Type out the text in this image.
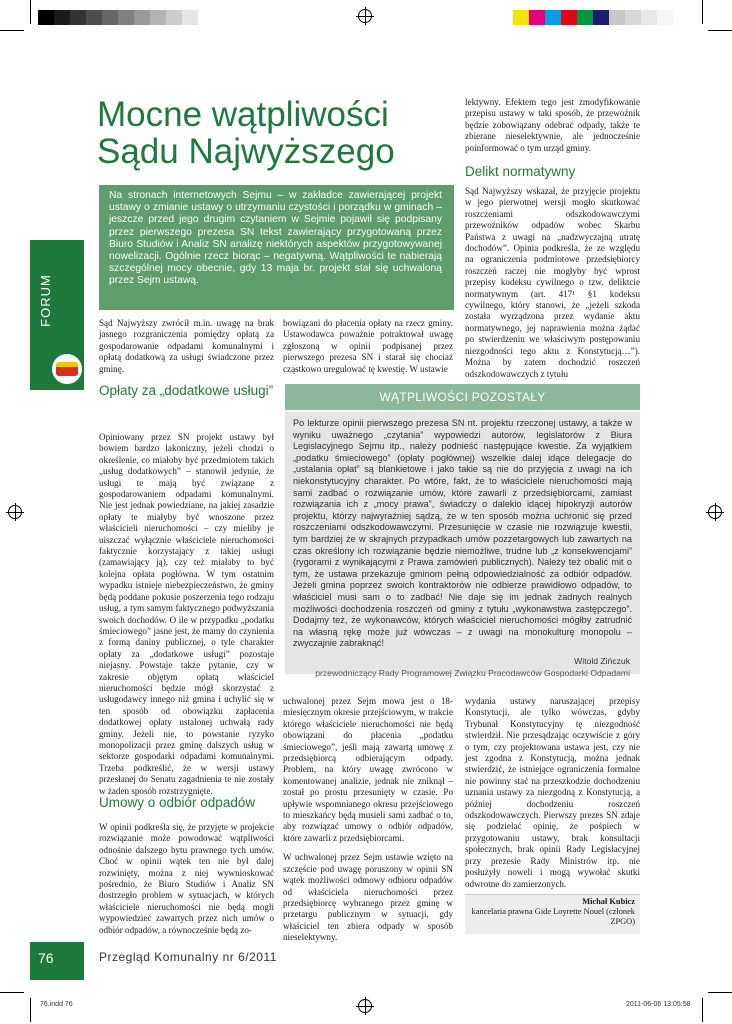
FORUM
Mocne wątpliwości Sądu Najwyższego
Na stronach internetowych Sejmu – w zakładce zawierającej projekt ustawy o zmianie ustawy o utrzymaniu czystości i porządku w gminach – jeszcze przed jego drugim czytaniem w Sejmie pojawił się podpisany przez pierwszego prezesa SN tekst zawierający przygotowaną przez Biuro Studiów i Analiz SN analizę niektórych aspektów przygotowywanej nowelizacji. Ogólnie rzecz biorąc – negatywną. Wątpliwości te nabierają szczególnej mocy obecnie, gdy 13 maja br. projekt stał się uchwaloną przez Sejm ustawą.

Sąd Najwyższy zwrócił m.in. uwagę na brak jasnego rozgraniczenia pomiędzy opłatą za gospodarowanie odpadami komunalnymi i opłatą dodatkową za usługi świadczone przez gminę.

Opłaty za „dodatkowe usługi”

Opiniowany przez SN projekt ustawy był bowiem bardzo lakoniczny, jeżeli chodzi o określenie, co miałoby być przedmiotem takich „usług dodatkowych” – stanowił jedynie, że usługi te mają być związane z gospodarowaniem odpadami komunalnymi. Nie jest jednak powiedziane, na jakiej zasadzie opłaty te miałyby być wnoszone przez właścicieli nieruchomości – czy mieliby je uiszczać wyłącznie właściciele nieruchomości faktycznie korzystający z takiej usługi (zamawiający ją), czy też miałaby to być kolejna opłata pogłówna. W tym ostatnim wypadku istnieje niebezpieczeństwo, że gminy będą poddane pokusie poszerzenia tego rodzaju usług, a tym samym faktycznego podwyższania swoich dochodów. O ile w przypadku „podatku śmieciowego” jasne jest, że mamy do czynienia z formą daniny publicznej, o tyle charakter opłaty za „dodatkowe usługi” pozostaje niejasny. Powstaje także pytanie, czy w zakresie objętym opłatą właściciel nieruchomości będzie mógł skorzystać z usługodawcy innego niż gmina i uchylić się w ten sposób od obowiązku zapłacenia dodatkowej opłaty ustalonej uchwałą rady gminy. Jeżeli nie, to powstanie ryzyko monopolizacji przez gminę dalszych usług w sektorze gospodarki odpadami komunalnymi. Trzeba podkreślić, że w wersji ustawy przesłanej do Senatu zagadnienia te nie zostały w żaden sposób rozstrzygnięte.

Umowy o odbiór odpadów

W opinii podkreśla się, że przyjęte w projekcie rozwiązanie może powodować wątpliwości odnośnie dalszego bytu prawnego tych umów. Choć w opinii wątek ten nie był dalej rozwinięty, można z niej wywnioskować pośrednio, że Biuro Studiów i Analiz SN dostrzegło problem w sytuacjach, w których właściciele nieruchomości nie będą mogli wypowiedzieć zawartych przez nich umów o odbiór odpadów, a równocześnie będą zo-

bowiązani do płacenia opłaty na rzecz gminy. Ustawodawca poważnie potraktował uwagę zgłoszoną w opinii podpisanej przez pierwszego prezesa SN i starał się chociaż cząstkowo uregulować tę kwestię. W ustawie

lektywny. Efektem tego jest zmodyfikowanie przepisu ustawy w taki sposób, że przewoźnik będzie zobowiązany odebrać odpady, także te zbierane nieselektywnie, ale jednocześnie poinformować o tym urząd gminy.

Delikt normatywny

Sąd Najwyższy wskazał, że przyjęcie projektu w jego pierwotnej wersji mogło skutkować roszczeniami odszkodowawczymi przewoźników odpadów wobec Skarbu Państwa z uwagi na „nadzwyczajną utratę dochodów”. Opinia podkreśla, że ze względu na ograniczenia podmiotowe przedsiębiorcy roszczeń raczej nie mogłyby być wprost przepisy kodeksu cywilnego o tzw. deliktcie normatywnym (art. 417¹ §1 kodeksu cywilnego, który stanowi, że „jeżeli szkoda została wyrządzona przez wydanie aktu normatywnego, jej naprawienia można żądać po stwierdzeniu we właściwym postępowaniu niezgodności tego aktu z Konstytucją…”). Można by zatem dochodzić roszczeń odszkodowawczych z tytułu

WĄTPLIWOŚCI POZOSTAŁY

Po lekturze opinii pierwszego prezesa SN nt. projektu rzeczonej ustawy, a także w wyniku uważnego „czytania” wypowiedzi autorów, legislatorów z Biura Legislacyjnego Sejmu itp., należy podnieść następujące kwestie. Za wyjątkiem „podatku śmieciowego” (opłaty pogłównej) wszelkie dalej idące delegacje do „ustalania opłat” są blankietowe i jako takie są nie do przyjęcia z uwagi na ich niekonstytucyjny charakter. Po wtóre, fakt, że to właściciele nieruchomości mają sami zadbać o rozwiązanie umów, które zawarli z przedsiębiorcami, zamiast rozwiązania ich z „mocy prawa”, świadczy o dalekio idącej hipokryzji autorów projektu, którzy najwyraźniej sądzą, że w ten sposób można uchronić się przed roszczeniami odszkodowawczymi. Przesunięcie w czasie nie rozwiązuje kwestii, tym bardziej że w skrajnych przypadkach umów pozzetargowych lub zawartych na czas określony ich rozwiązanie będzie niemożliwe, trudne lub „z konsekwencjami” (rygorami z wynikającymi z Prawa zamówień publicznych). Należy też obalić mit o tym, że ustawa przekazuje gminom pełną odpowiedzialność za odbiór odpadów. Jeżeli gmina poprzez swoich kontraktorów nie odbierze prawidłowo odpadów, to właściciel musi sam o to zadbać! Nie daje się im jednak żadnych realnych możliwości dochodzenia roszczeń od gminy z tytułu „wykonawstwa zastępczego”. Dodajmy też, że wykonawców, których właściciel nieruchomości mógłby zatrudnić na własną rękę może już wówczas – z uwagi na monokulturę monopolu – zwyczajnie zabraknąć!

Witold Zińczuk
przewodniczący Rady Programowej Związku Pracodawców Gospodarki Odpadami

uchwalonej przez Sejm mowa jest o 18-miesięcznym okresie przejściowym, w trakcie którego właściciele nieruchomości nie będą obowiązani do płacenia „podatku śmieciowego”, jeśli mają zawartą umowę z przedsiębiorcą odbierającym odpady. Problem, na który uwagę zwrócono w komentowanej analizie, jednak nie zniknął – został po prostu przesunięty w czasie. Po upływie wspomnianego okresu przejściowego to mieszkańcy będą musieli sami zadbać o to, aby rozwiązać umowy o odbiór odpadów, które zawarli z przedsiębiorcami.

W uchwalonej przez Sejm ustawie wzięto na szczęście pod uwagę poruszony w opinii SN wątek możliwości odmowy odbioru odpadów od właściciela nieruchomości przez przedsiębiorcę wybranego przez gminę w przetargu publicznym w sytuacji, gdy właściciel ten zbiera odpady w sposób nieselektywny.

wydania ustawy naruszającej przepisy Konstytucji, ale tylko wówczas, gdyby Trybunał Konstytucyjny tę niezgodność stwierdził. Nie przesądzając oczywiście z góry o tym, czy projektowana ustawa jest, czy nie jest zgodna z Konstytucją, można jednak stwierdzić, że istniejące ograniczenia formalne nie powinny stać na przeszkodzie dochodzeniu uznania ustawy za niezgodną z Konstytucją, a później dochodzeniu roszczeń odszkodowawczych. Pierwszy prezes SN zdaje się podzielać opinię, że pośpiech w przygotowaniu ustawy, brak konsultacji społecznych, brak opinii Rady Legislacyjnej przy prezesie Rady Ministrów itp. nie posłużyły noweli i mogą wywołać skutki odwrotne do zamierzonych.

Michał Kubicz
kancelaria prawna Gide Loyrette Nouel (członek ZPGO)
76	Przegląd Komunalny nr 6/2011
76.indd 76	2011-06-06 13:05:58
